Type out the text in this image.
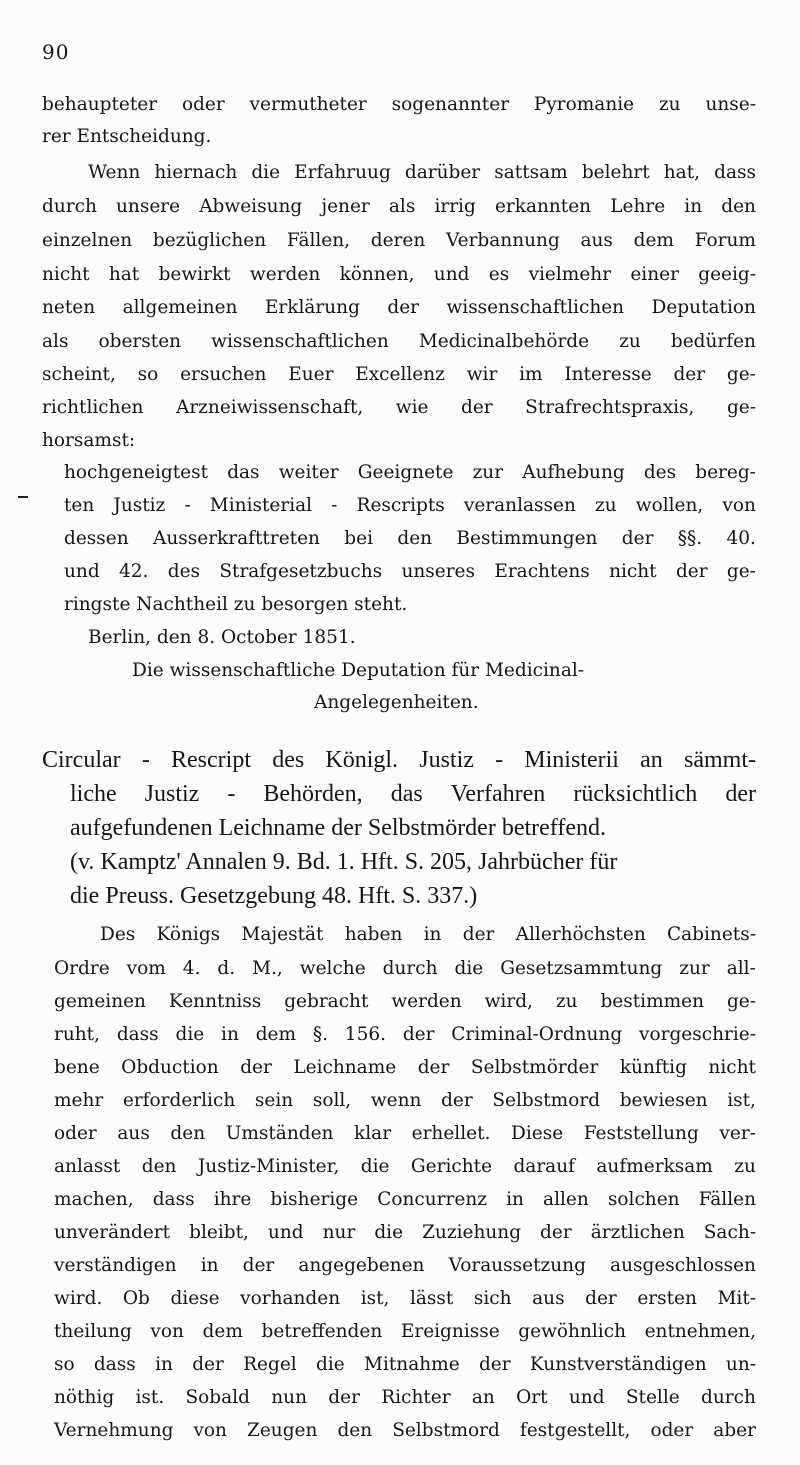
90
behaupteter oder vermutheter sogenannter Pyromanie zu unse-
rer Entscheidung.
Wenn hiernach die Erfahruug darüber sattsam belehrt hat, dass
durch unsere Abweisung jener als irrig erkannten Lehre in den
einzelnen bezüglichen Fällen, deren Verbannung aus dem Forum
nicht hat bewirkt werden können, und es vielmehr einer geeig-
neten allgemeinen Erklärung der wissenschaftlichen Deputation
als obersten wissenschaftlichen Medicinalbehörde zu bedürfen
scheint, so ersuchen Euer Excellenz wir im Interesse der ge-
richtlichen Arzneiwissenschaft, wie der Strafrechtspraxis, ge-
horsamst:
hochgeneigtest das weiter Geeignete zur Aufhebung des bereg-
ten Justiz - Ministerial - Rescripts veranlassen zu wollen, von
dessen Ausserkrafttreten bei den Bestimmungen der §§. 40.
und 42. des Strafgesetzbuchs unseres Erachtens nicht der ge-
ringste Nachtheil zu besorgen steht.
Berlin, den 8. October 1851.
Die wissenschaftliche Deputation für Medicinal-
Angelegenheiten.
Circular - Rescript des Königl. Justiz - Ministerii an sämmt-
liche Justiz - Behörden, das Verfahren rücksichtlich der
aufgefundenen Leichname der Selbstmörder betreffend.
(v. Kamptz' Annalen 9. Bd. 1. Hft. S. 205, Jahrbücher für
die Preuss. Gesetzgebung 48. Hft. S. 337.)
Des Königs Majestät haben in der Allerhöchsten Cabinets-
Ordre vom 4. d. M., welche durch die Gesetzsammtung zur all-
gemeinen Kenntniss gebracht werden wird, zu bestimmen ge-
ruht, dass die in dem §. 156. der Criminal-Ordnung vorgeschrie-
bene Obduction der Leichname der Selbstmörder künftig nicht
mehr erforderlich sein soll, wenn der Selbstmord bewiesen ist,
oder aus den Umständen klar erhellet. Diese Feststellung ver-
anlasst den Justiz-Minister, die Gerichte darauf aufmerksam zu
machen, dass ihre bisherige Concurrenz in allen solchen Fällen
unverändert bleibt, und nur die Zuziehung der ärztlichen Sach-
verständigen in der angegebenen Voraussetzung ausgeschlossen
wird. Ob diese vorhanden ist, lässt sich aus der ersten Mit-
theilung von dem betreffenden Ereignisse gewöhnlich entnehmen,
so dass in der Regel die Mitnahme der Kunstverständigen un-
nöthig ist. Sobald nun der Richter an Ort und Stelle durch
Vernehmung von Zeugen den Selbstmord festgestellt, oder aber
